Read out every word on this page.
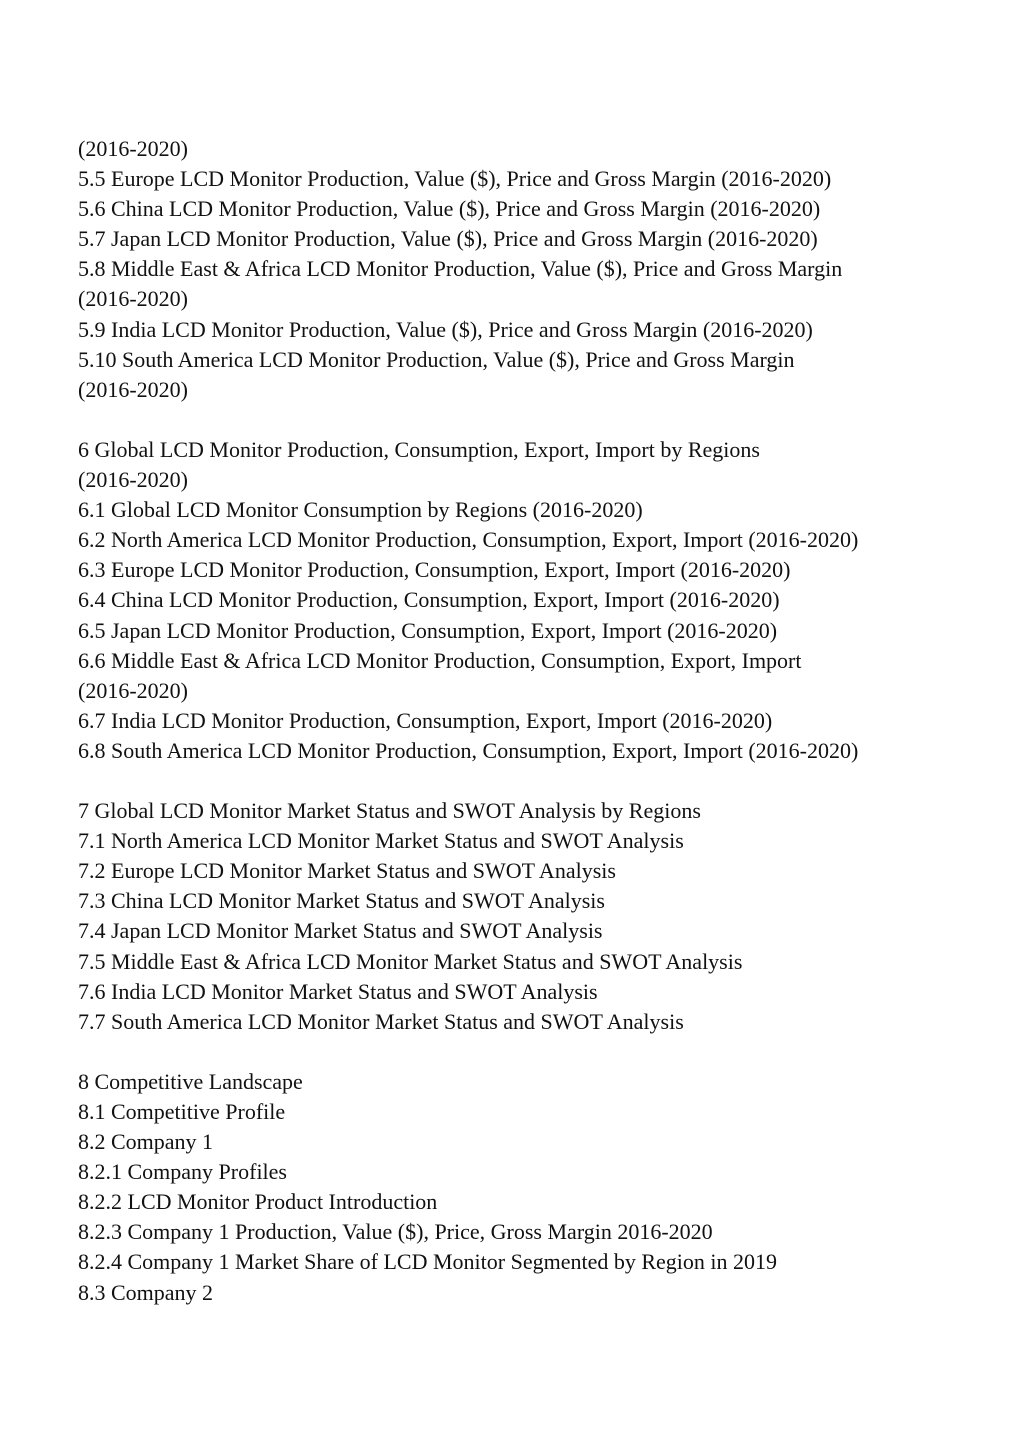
(2016-2020)
5.5 Europe LCD Monitor Production, Value ($), Price and Gross Margin (2016-2020)
5.6 China LCD Monitor Production, Value ($), Price and Gross Margin (2016-2020)
5.7 Japan LCD Monitor Production, Value ($), Price and Gross Margin (2016-2020)
5.8 Middle East & Africa LCD Monitor Production, Value ($), Price and Gross Margin
(2016-2020)
5.9 India LCD Monitor Production, Value ($), Price and Gross Margin (2016-2020)
5.10 South America LCD Monitor Production, Value ($), Price and Gross Margin
(2016-2020)
6 Global LCD Monitor Production, Consumption, Export, Import by Regions
(2016-2020)
6.1 Global LCD Monitor Consumption by Regions (2016-2020)
6.2 North America LCD Monitor Production, Consumption, Export, Import (2016-2020)
6.3 Europe LCD Monitor Production, Consumption, Export, Import (2016-2020)
6.4 China LCD Monitor Production, Consumption, Export, Import (2016-2020)
6.5 Japan LCD Monitor Production, Consumption, Export, Import (2016-2020)
6.6 Middle East & Africa LCD Monitor Production, Consumption, Export, Import
(2016-2020)
6.7 India LCD Monitor Production, Consumption, Export, Import (2016-2020)
6.8 South America LCD Monitor Production, Consumption, Export, Import (2016-2020)
7 Global LCD Monitor Market Status and SWOT Analysis by Regions
7.1 North America LCD Monitor Market Status and SWOT Analysis
7.2 Europe LCD Monitor Market Status and SWOT Analysis
7.3 China LCD Monitor Market Status and SWOT Analysis
7.4 Japan LCD Monitor Market Status and SWOT Analysis
7.5 Middle East & Africa LCD Monitor Market Status and SWOT Analysis
7.6 India LCD Monitor Market Status and SWOT Analysis
7.7 South America LCD Monitor Market Status and SWOT Analysis
8 Competitive Landscape
8.1 Competitive Profile
8.2 Company 1
8.2.1 Company Profiles
8.2.2 LCD Monitor Product Introduction
8.2.3 Company 1 Production, Value ($), Price, Gross Margin 2016-2020
8.2.4 Company 1 Market Share of LCD Monitor Segmented by Region in 2019
8.3 Company 2
